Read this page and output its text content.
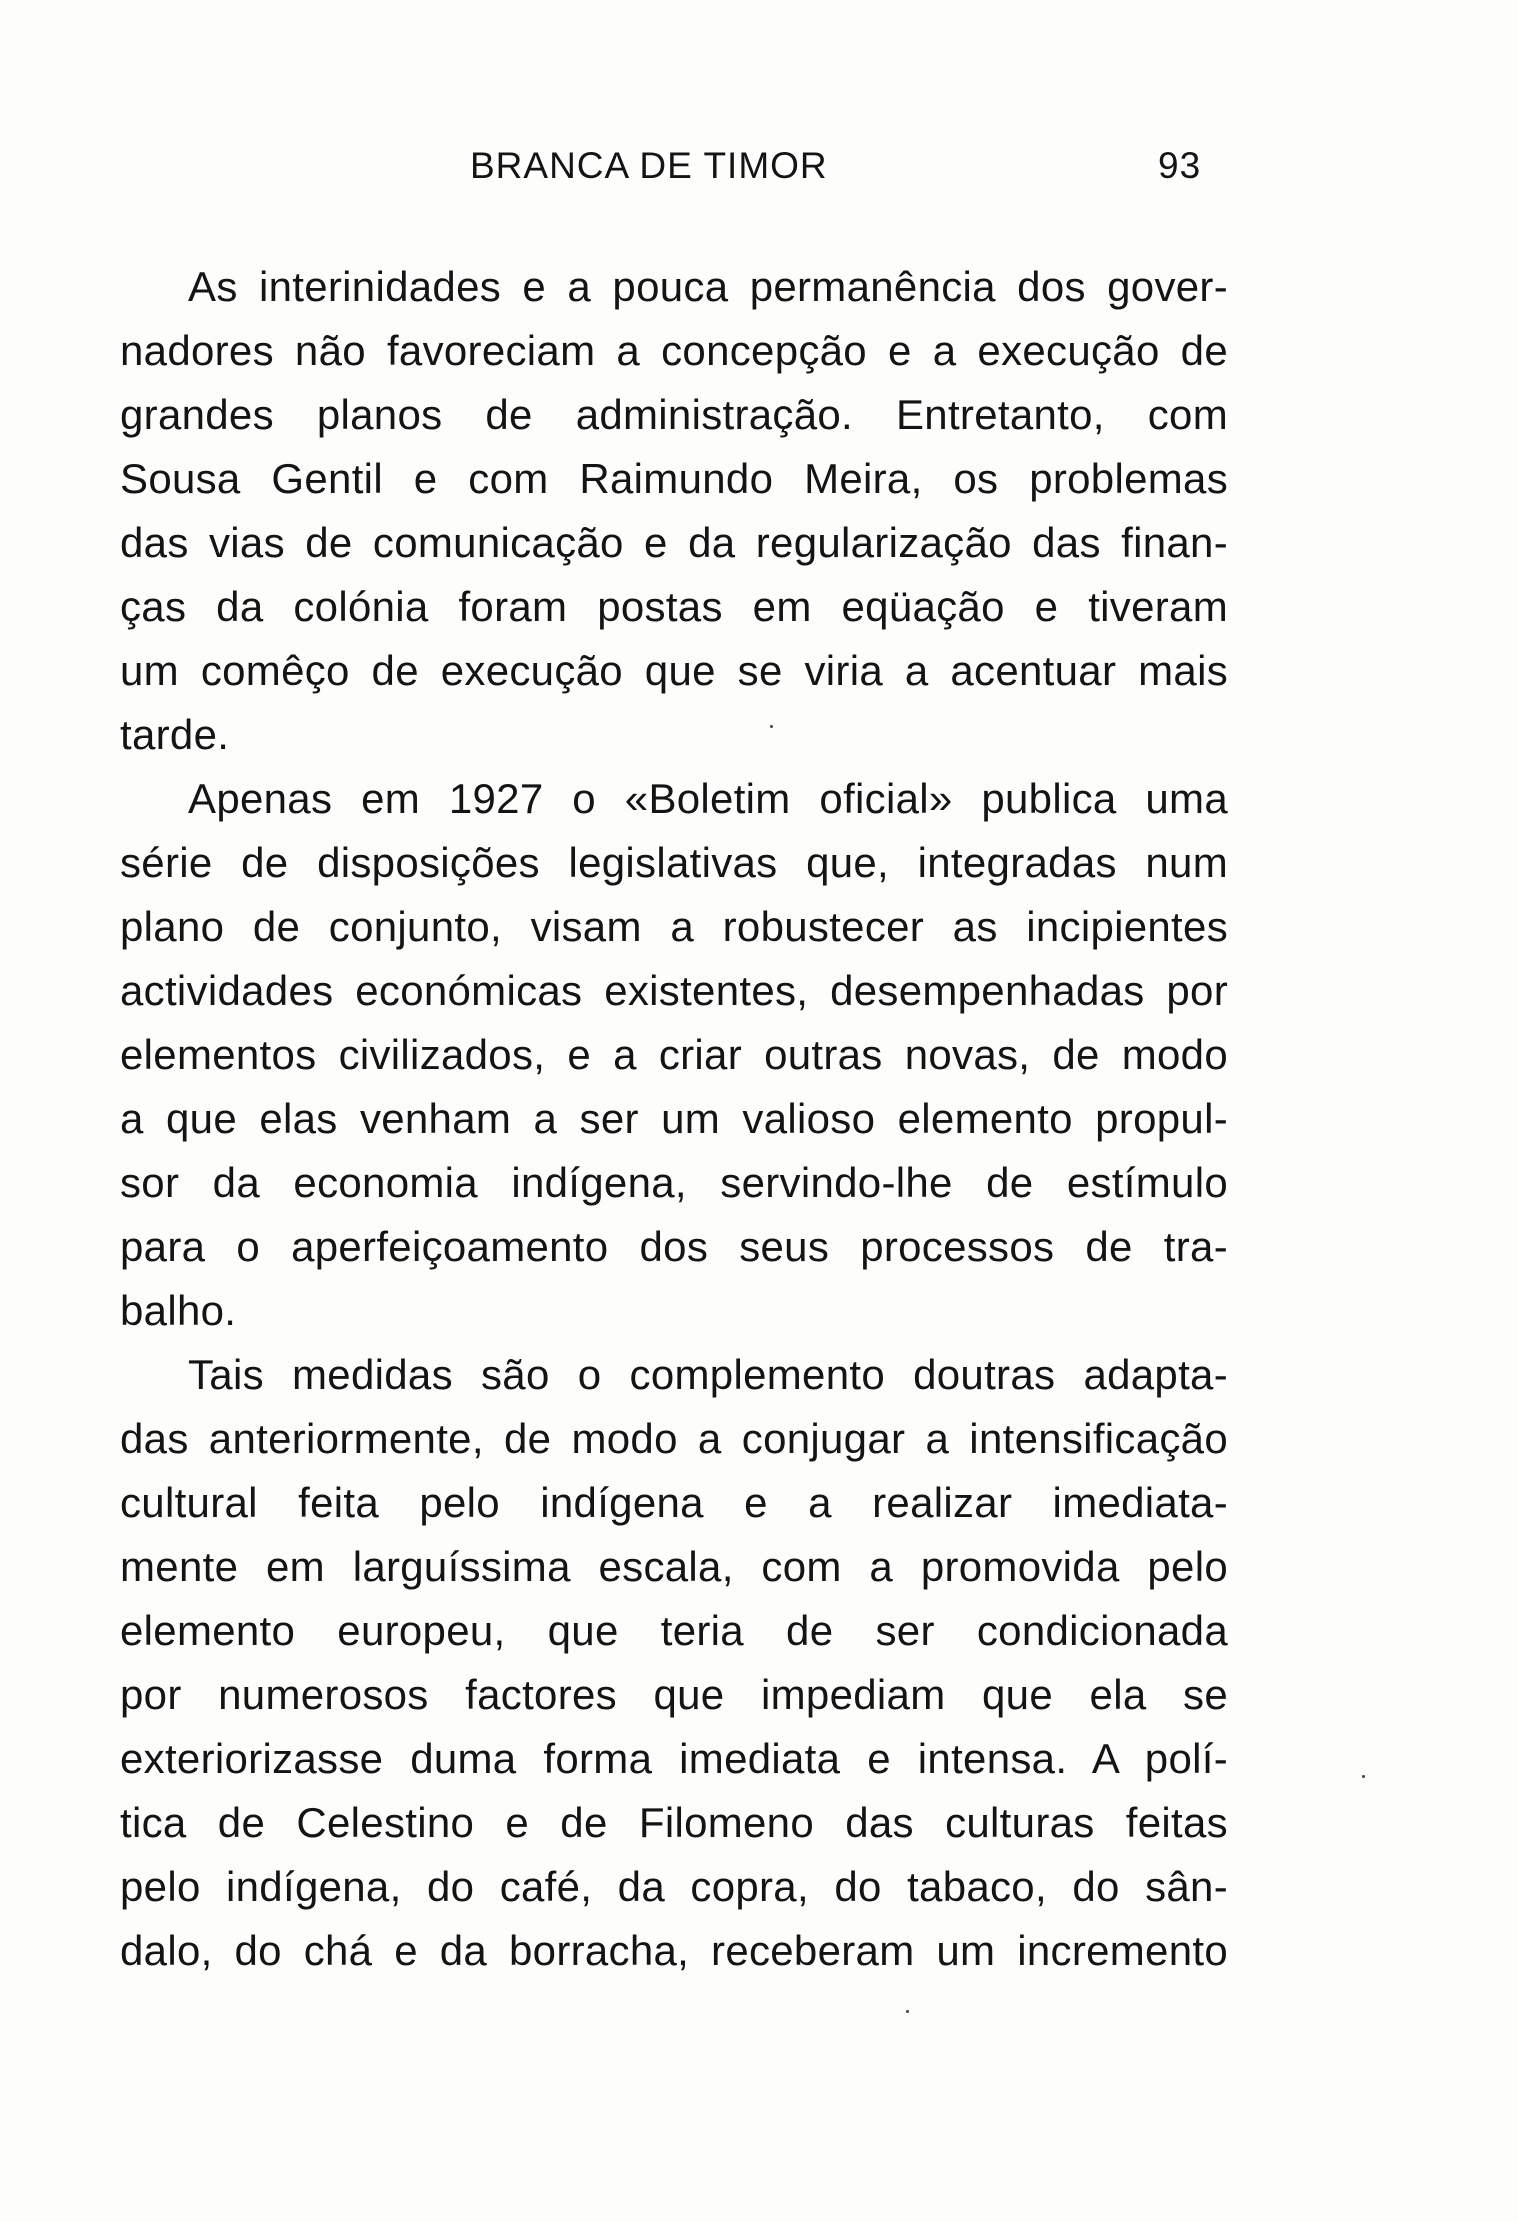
BRANCA DE TIMOR	93
As interinidades e a pouca permanência dos gover-
nadores não favoreciam a concepção e a execução de
grandes planos de administração. Entretanto, com
Sousa Gentil e com Raimundo Meira, os problemas
das vias de comunicação e da regularização das finan-
ças da colónia foram postas em eqüação e tiveram
um comêço de execução que se viria a acentuar mais
tarde.
Apenas em 1927 o «Boletim oficial» publica uma
série de disposições legislativas que, integradas num
plano de conjunto, visam a robustecer as incipientes
actividades económicas existentes, desempenhadas por
elementos civilizados, e a criar outras novas, de modo
a que elas venham a ser um valioso elemento propul-
sor da economia indígena, servindo-lhe de estímulo
para o aperfeiçoamento dos seus processos de tra-
balho.
Tais medidas são o complemento doutras adapta-
das anteriormente, de modo a conjugar a intensificação
cultural feita pelo indígena e a realizar imediata-
mente em larguíssima escala, com a promovida pelo
elemento europeu, que teria de ser condicionada
por numerosos factores que impediam que ela se
exteriorizasse duma forma imediata e intensa. A polí-
tica de Celestino e de Filomeno das culturas feitas
pelo indígena, do café, da copra, do tabaco, do sân-
dalo, do chá e da borracha, receberam um incremento
